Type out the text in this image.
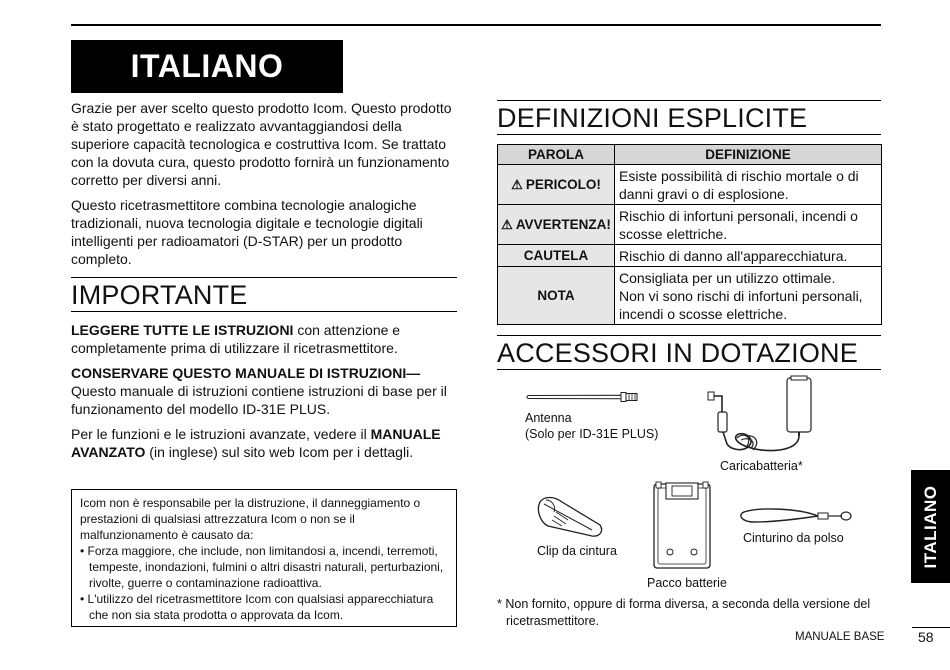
ITALIANO
Grazie per aver scelto questo prodotto Icom. Questo prodotto è stato progettato e realizzato avvantaggiandosi della superiore capacità tecnologica e costruttiva Icom. Se trattato con la dovuta cura, questo prodotto fornirà un funzionamento corretto per diversi anni.
Questo ricetrasmettitore combina tecnologie analogiche tradizionali, nuova tecnologia digitale e tecnologie digitali intelligenti per radioamatori (D-STAR) per un prodotto completo.
IMPORTANTE
LEGGERE TUTTE LE ISTRUZIONI con attenzione e completamente prima di utilizzare il ricetrasmettitore.
CONSERVARE QUESTO MANUALE DI ISTRUZIONI—
Questo manuale di istruzioni contiene istruzioni di base per il funzionamento del modello ID-31E PLUS.
Per le funzioni e le istruzioni avanzate, vedere il MANUALE AVANZATO (in inglese) sul sito web Icom per i dettagli.
Icom non è responsabile per la distruzione, il danneggiamento o prestazioni di qualsiasi attrezzatura Icom o non se il malfunzionamento è causato da:
• Forza maggiore, che include, non limitandosi a, incendi, terremoti, tempeste, inondazioni, fulmini o altri disastri naturali, perturbazioni, rivolte, guerre o contaminazione radioattiva.
• L'utilizzo del ricetrasmettitore Icom con qualsiasi apparecchiatura che non sia stata prodotta o approvata da Icom.
DEFINIZIONI ESPLICITE
PAROLA	DEFINIZIONE
⚠ PERICOLO!	Esiste possibilità di rischio mortale o di danni gravi o di esplosione.
⚠ AVVERTENZA!	Rischio di infortuni personali, incendi o scosse elettriche.
CAUTELA	Rischio di danno all'apparecchiatura.
NOTA	Consigliata per un utilizzo ottimale.
Non vi sono rischi di infortuni personali, incendi o scosse elettriche.
ACCESSORI IN DOTAZIONE
Antenna
(Solo per ID-31E PLUS)
Caricabatteria*
Clip da cintura
Pacco batterie
Cinturino da polso
* Non fornito, oppure di forma diversa, a seconda della versione del ricetrasmettitore.
MANUALE BASE 58
ITALIANO
